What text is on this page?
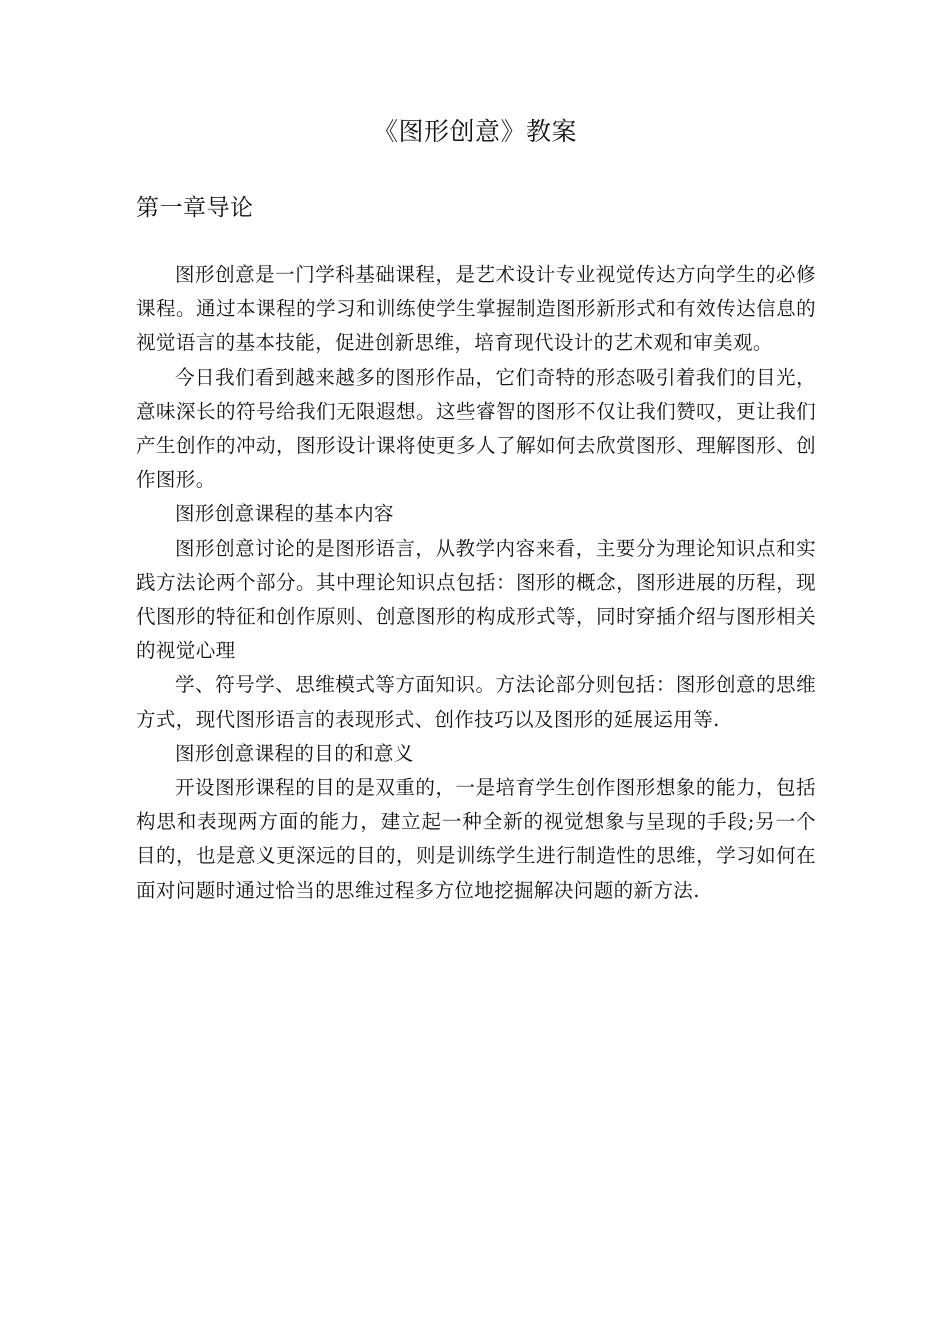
《图形创意》教案
第一章导论

图形创意是一门学科基础课程，是艺术设计专业视觉传达方向学生的必修课程。通过本课程的学习和训练使学生掌握制造图形新形式和有效传达信息的视觉语言的基本技能，促进创新思维，培育现代设计的艺术观和审美观。

今日我们看到越来越多的图形作品，它们奇特的形态吸引着我们的目光，意味深长的符号给我们无限遐想。这些睿智的图形不仅让我们赞叹，更让我们产生创作的冲动，图形设计课将使更多人了解如何去欣赏图形、理解图形、创作图形。

图形创意课程的基本内容

图形创意讨论的是图形语言，从教学内容来看，主要分为理论知识点和实践方法论两个部分。其中理论知识点包括：图形的概念，图形进展的历程，现代图形的特征和创作原则、创意图形的构成形式等，同时穿插介绍与图形相关的视觉心理

学、符号学、思维模式等方面知识。方法论部分则包括：图形创意的思维方式，现代图形语言的表现形式、创作技巧以及图形的延展运用等.

图形创意课程的目的和意义

开设图形课程的目的是双重的，一是培育学生创作图形想象的能力，包括构思和表现两方面的能力，建立起一种全新的视觉想象与呈现的手段;另一个目的，也是意义更深远的目的，则是训练学生进行制造性的思维，学习如何在面对问题时通过恰当的思维过程多方位地挖掘解决问题的新方法.
